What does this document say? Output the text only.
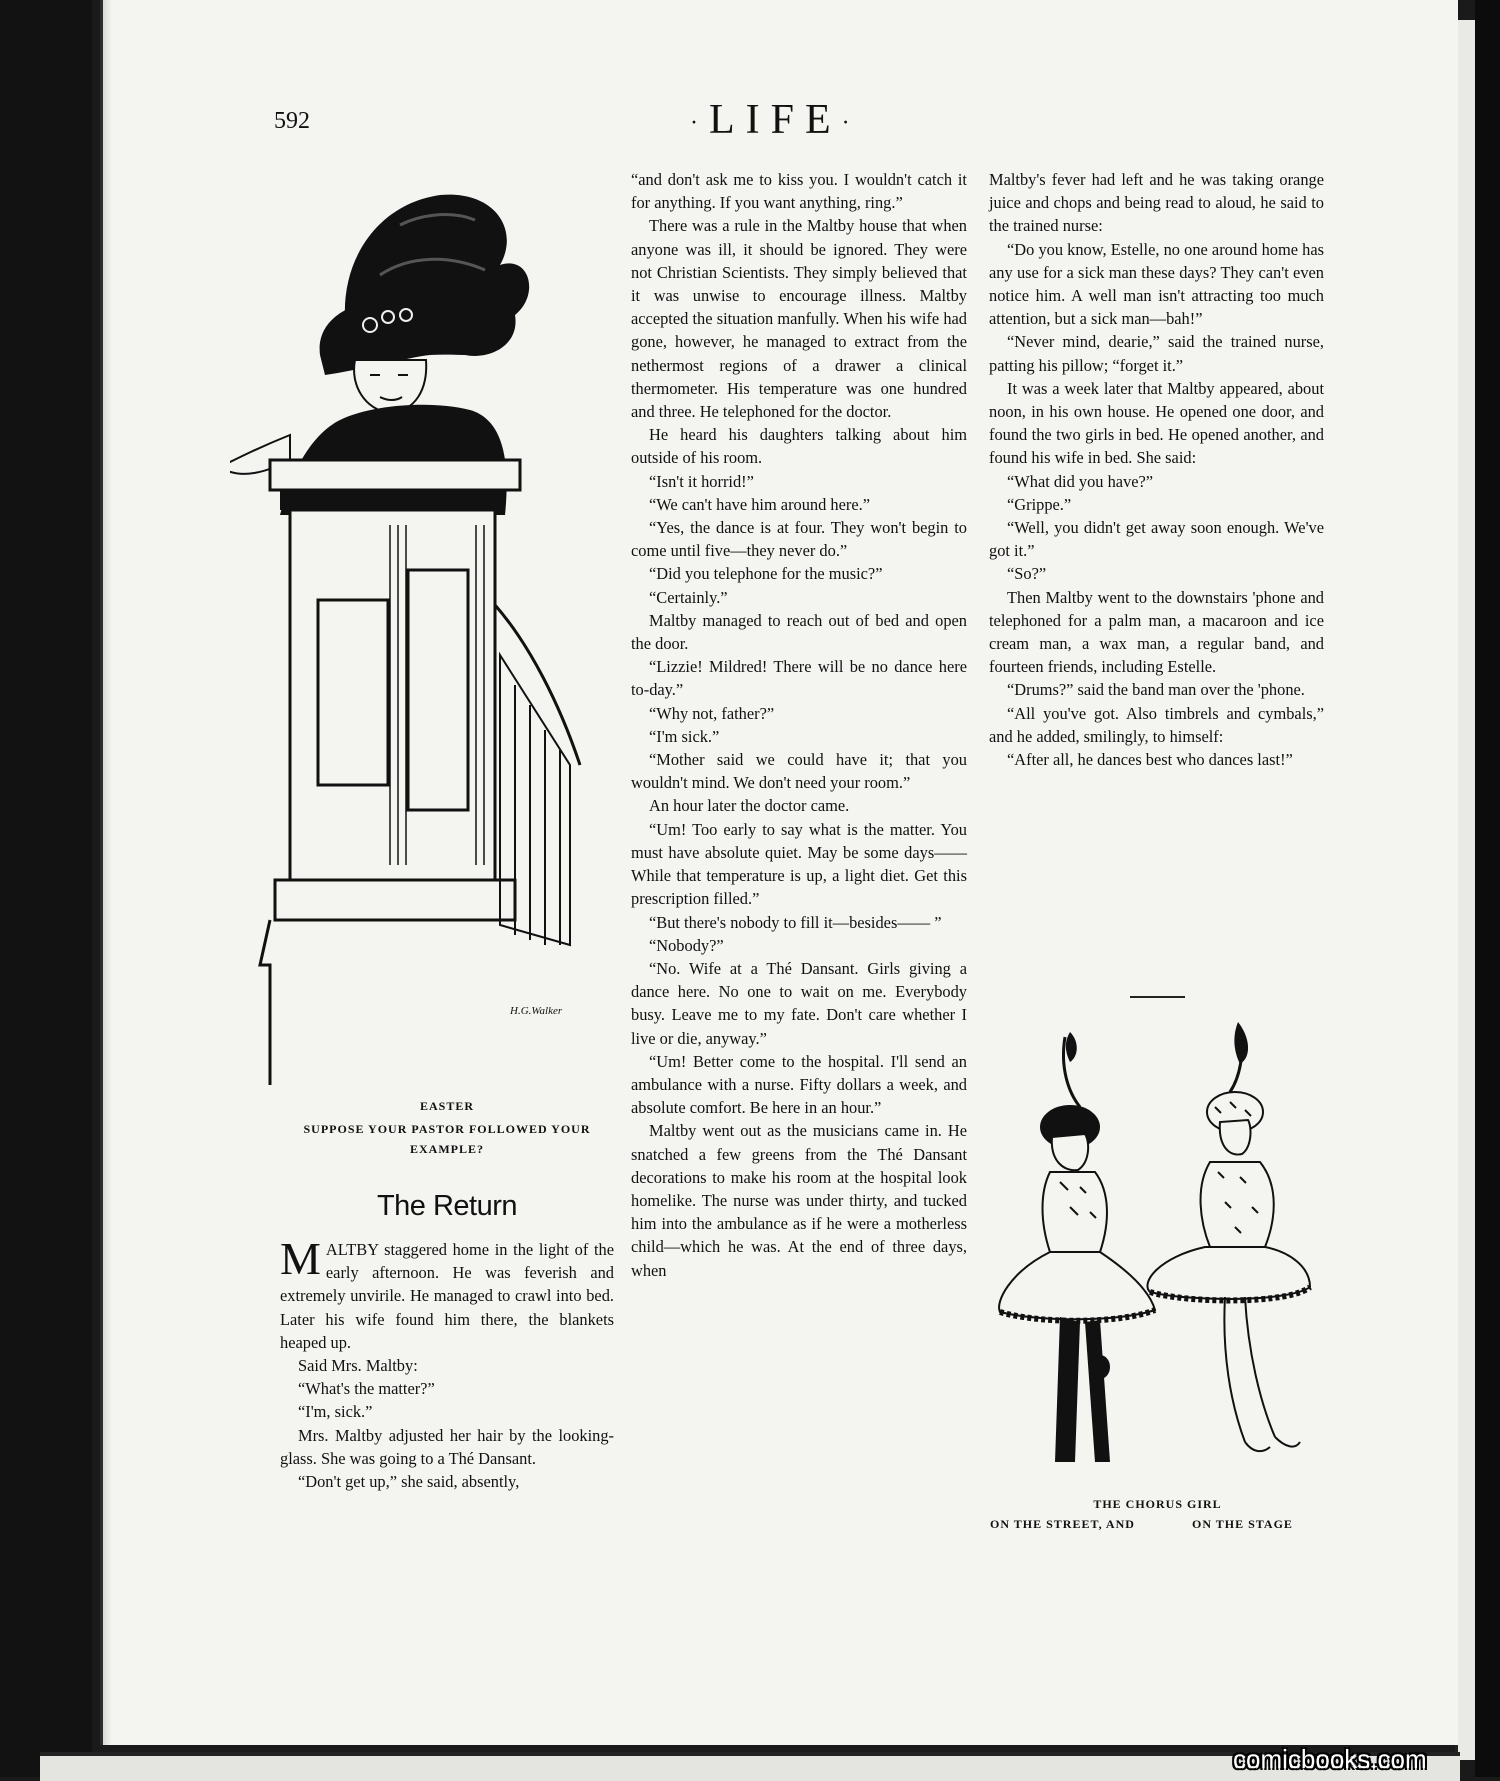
592	·LIFE·
H.G.Walker
EASTER
SUPPOSE YOUR PASTOR FOLLOWED YOUR EXAMPLE?
The Return

MALTBY staggered home in the light of the early afternoon. He was feverish and extremely unvirile. He managed to crawl into bed. Later his wife found him there, the blankets heaped up.

Said Mrs. Maltby:

“What's the matter?”

“I'm, sick.”

Mrs. Maltby adjusted her hair by the looking-glass. She was going to a Thé Dansant.

“Don't get up,” she said, absently,

“and don't ask me to kiss you. I wouldn't catch it for anything. If you want anything, ring.”

There was a rule in the Maltby house that when anyone was ill, it should be ignored. They were not Christian Scientists. They simply believed that it was unwise to encourage illness. Maltby accepted the situation manfully. When his wife had gone, however, he managed to extract from the nethermost regions of a drawer a clinical thermometer. His temperature was one hundred and three. He telephoned for the doctor.

He heard his daughters talking about him outside of his room.

“Isn't it horrid!”

“We can't have him around here.”

“Yes, the dance is at four. They won't begin to come until five—they never do.”

“Did you telephone for the music?”

“Certainly.”

Maltby managed to reach out of bed and open the door.

“Lizzie! Mildred! There will be no dance here to-day.”

“Why not, father?”

“I'm sick.”

“Mother said we could have it; that you wouldn't mind. We don't need your room.”

An hour later the doctor came.

“Um! Too early to say what is the matter. You must have absolute quiet. May be some days—— While that temperature is up, a light diet. Get this prescription filled.”

“But there's nobody to fill it—besides—— ”

“Nobody?”

“No. Wife at a Thé Dansant. Girls giving a dance here. No one to wait on me. Everybody busy. Leave me to my fate. Don't care whether I live or die, anyway.”

“Um! Better come to the hospital. I'll send an ambulance with a nurse. Fifty dollars a week, and absolute comfort. Be here in an hour.”

Maltby went out as the musicians came in. He snatched a few greens from the Thé Dansant decorations to make his room at the hospital look homelike. The nurse was under thirty, and tucked him into the ambulance as if he were a motherless child—which he was. At the end of three days, when

Maltby's fever had left and he was taking orange juice and chops and being read to aloud, he said to the trained nurse:

“Do you know, Estelle, no one around home has any use for a sick man these days? They can't even notice him. A well man isn't attracting too much attention, but a sick man—bah!”

“Never mind, dearie,” said the trained nurse, patting his pillow; “forget it.”

It was a week later that Maltby appeared, about noon, in his own house. He opened one door, and found the two girls in bed. He opened another, and found his wife in bed. She said:

“What did you have?”

“Grippe.”

“Well, you didn't get away soon enough. We've got it.”

“So?”

Then Maltby went to the downstairs 'phone and telephoned for a palm man, a macaroon and ice cream man, a wax man, a regular band, and fourteen friends, including Estelle.

“Drums?” said the band man over the 'phone.

“All you've got. Also timbrels and cymbals,” and he added, smilingly, to himself:

“After all, he dances best who dances last!”

THE CHORUS GIRL
ON THE STREET, AND	ON THE STAGE
comicbooks.com
